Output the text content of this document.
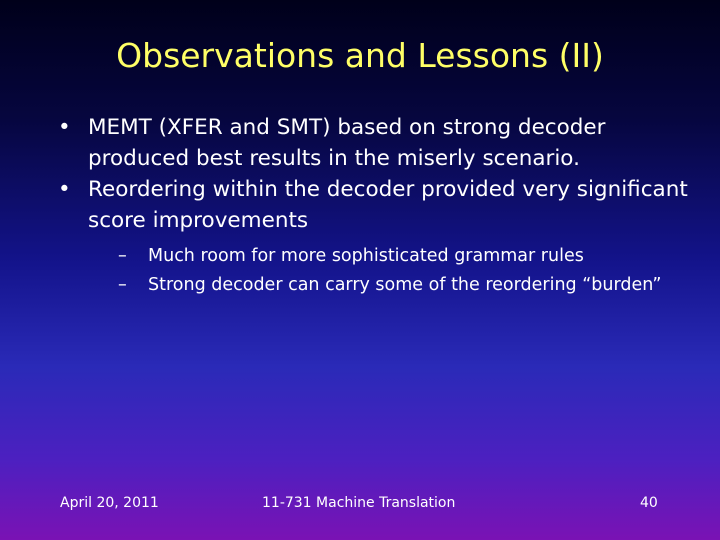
Observations and Lessons (II)
• MEMT (XFER and SMT) based on strong decoder produced best results in the miserly scenario.
• Reordering within the decoder provided very significant score improvements
– Much room for more sophisticated grammar rules
– Strong decoder can carry some of the reordering “burden”
April 20, 2011	11-731 Machine Translation	40
